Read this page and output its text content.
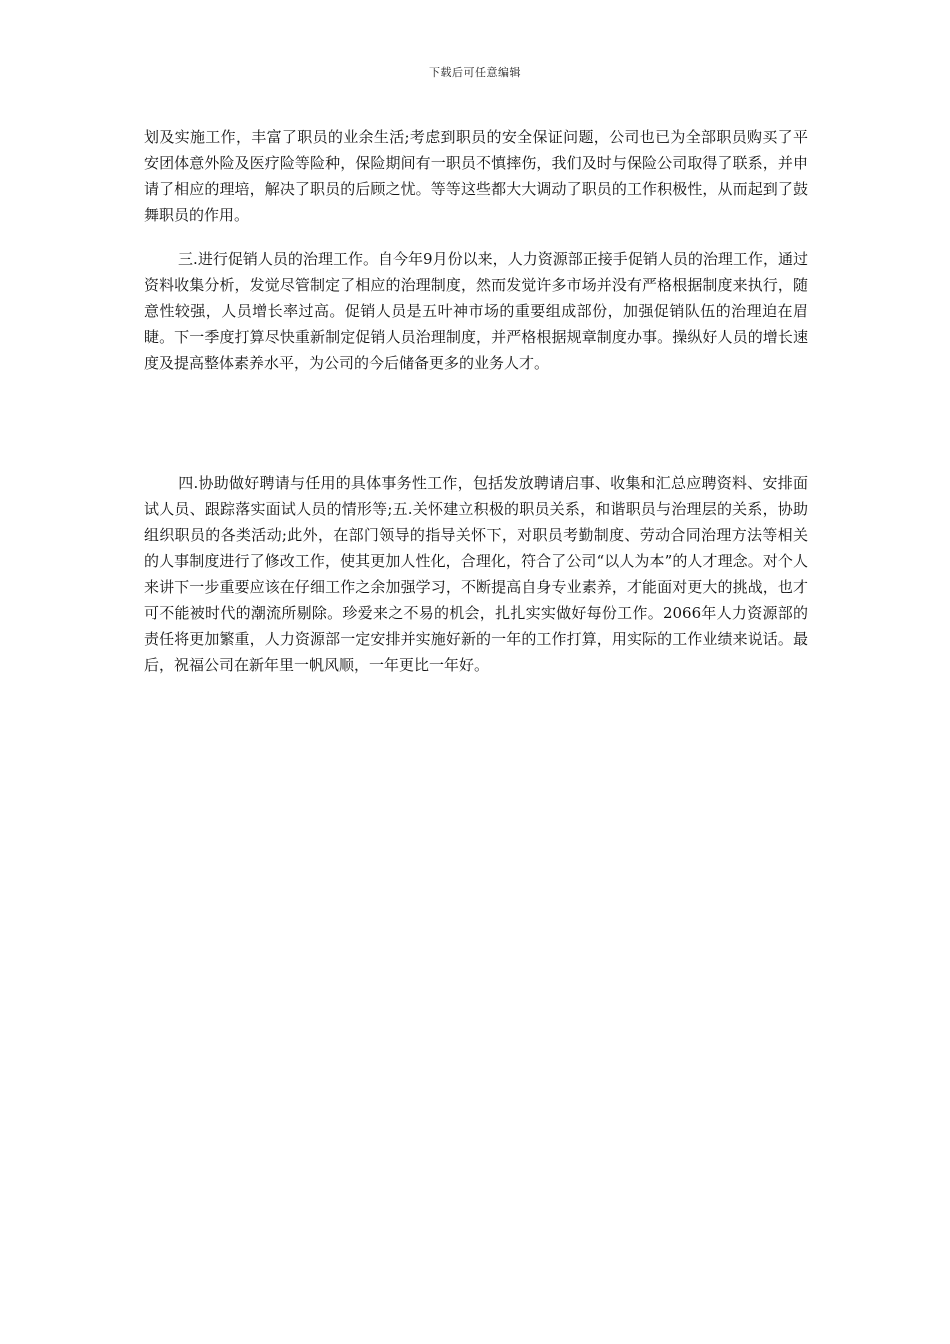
下载后可任意编辑

划及实施工作，丰富了职员的业余生活;考虑到职员的安全保证问题，公司也已为全部职员购买了平安团体意外险及医疗险等险种，保险期间有一职员不慎摔伤，我们及时与保险公司取得了联系，并申请了相应的理培，解决了职员的后顾之忧。等等这些都大大调动了职员的工作积极性，从而起到了鼓舞职员的作用。

三.进行促销人员的治理工作。自今年9月份以来，人力资源部正接手促销人员的治理工作，通过资料收集分析，发觉尽管制定了相应的治理制度，然而发觉许多市场并没有严格根据制度来执行，随意性较强，人员增长率过高。促销人员是五叶神市场的重要组成部份，加强促销队伍的治理迫在眉睫。下一季度打算尽快重新制定促销人员治理制度，并严格根据规章制度办事。操纵好人员的增长速度及提高整体素养水平，为公司的今后储备更多的业务人才。

四.协助做好聘请与任用的具体事务性工作，包括发放聘请启事、收集和汇总应聘资料、安排面试人员、跟踪落实面试人员的情形等;五.关怀建立积极的职员关系，和谐职员与治理层的关系，协助组织职员的各类活动;此外，在部门领导的指导关怀下，对职员考勤制度、劳动合同治理方法等相关的人事制度进行了修改工作，使其更加人性化，合理化，符合了公司“以人为本”的人才理念。对个人来讲下一步重要应该在仔细工作之余加强学习，不断提高自身专业素养，才能面对更大的挑战，也才可不能被时代的潮流所剔除。珍爱来之不易的机会，扎扎实实做好每份工作。2066年人力资源部的责任将更加繁重，人力资源部一定安排并实施好新的一年的工作打算，用实际的工作业绩来说话。最后，祝福公司在新年里一帆风顺，一年更比一年好。
